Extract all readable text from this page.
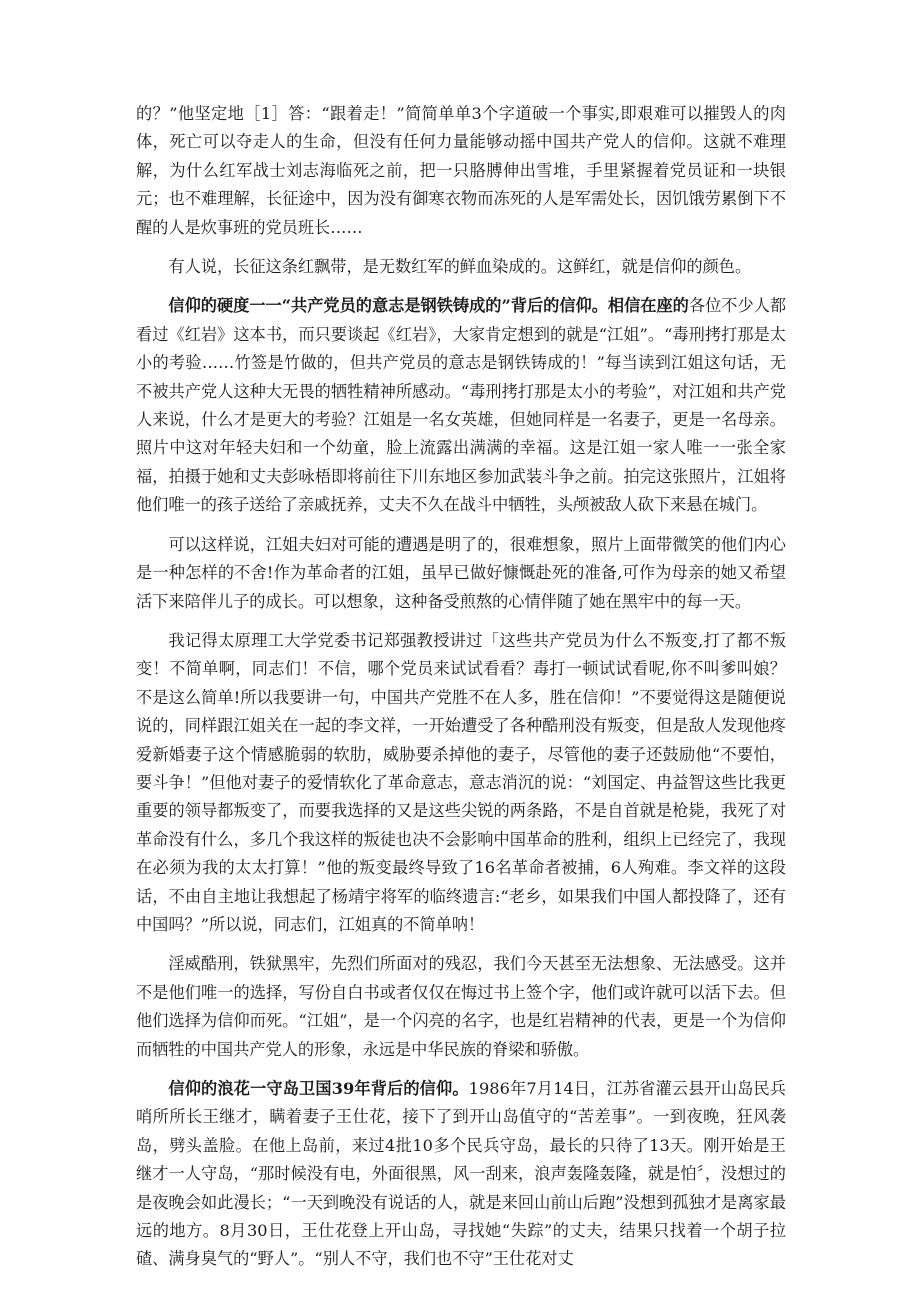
的？”他坚定地［1］答：“跟着走！”简简单单3个字道破一个事实,即艰难可以摧毁人的肉体，死亡可以夺走人的生命，但没有任何力量能够动摇中国共产党人的信仰。这就不难理解，为什么红军战士刘志海临死之前，把一只胳膊伸出雪堆，手里紧握着党员证和一块银元；也不难理解，长征途中，因为没有御寒衣物而冻死的人是军需处长，因饥饿劳累倒下不醒的人是炊事班的党员班长……

有人说，长征这条红飘带，是无数红军的鲜血染成的。这鲜红，就是信仰的颜色。

信仰的硬度一一“共产党员的意志是钢铁铸成的”背后的信仰。相信在座的各位不少人都看过《红岩》这本书，而只要谈起《红岩》，大家肯定想到的就是“江姐”。“毒刑拷打那是太小的考验……竹签是竹做的，但共产党员的意志是钢铁铸成的！”每当读到江姐这句话，无不被共产党人这种大无畏的牺牲精神所感动。“毒刑拷打那是太小的考验”，对江姐和共产党人来说，什么才是更大的考验？江姐是一名女英雄，但她同样是一名妻子，更是一名母亲。照片中这对年轻夫妇和一个幼童，脸上流露出满满的幸福。这是江姐一家人唯一一张全家福，拍摄于她和丈夫彭咏梧即将前往下川东地区参加武装斗争之前。拍完这张照片，江姐将他们唯一的孩子送给了亲戚抚养，丈夫不久在战斗中牺牲，头颅被敌人砍下来悬在城门。

可以这样说，江姐夫妇对可能的遭遇是明了的，很难想象，照片上面带微笑的他们内心是一种怎样的不舍!作为革命者的江姐，虽早已做好慷慨赴死的准备,可作为母亲的她又希望活下来陪伴儿子的成长。可以想象，这种备受煎熬的心情伴随了她在黑牢中的每一天。

我记得太原理工大学党委书记郑强教授讲过「这些共产党员为什么不叛变,打了都不叛变！不简单啊，同志们！不信，哪个党员来试试看看？毒打一顿试试看呢,你不叫爹叫娘？不是这么简单!所以我要讲一句，中国共产党胜不在人多，胜在信仰！”不要觉得这是随便说说的，同样跟江姐关在一起的李文祥，一开始遭受了各种酷刑没有叛变，但是敌人发现他疼爱新婚妻子这个情感脆弱的软肋，威胁要杀掉他的妻子，尽管他的妻子还鼓励他“不要怕，要斗争！”但他对妻子的爱情软化了革命意志，意志消沉的说：“刘国定、冉益智这些比我更重要的领导都叛变了，而要我选择的又是这些尖锐的两条路，不是自首就是枪毙，我死了对革命没有什么，多几个我这样的叛徒也决不会影响中国革命的胜利，组织上已经完了，我现在必须为我的太太打算！”他的叛变最终导致了16名革命者被捕，6人殉难。李文祥的这段话，不由自主地让我想起了杨靖宇将军的临终遗言:“老乡，如果我们中国人都投降了，还有中国吗？”所以说，同志们，江姐真的不简单呐！

淫威酷刑，铁狱黑牢，先烈们所面对的残忍，我们今天甚至无法想象、无法感受。这并不是他们唯一的选择，写份自白书或者仅仅在悔过书上签个字，他们或许就可以活下去。但他们选择为信仰而死。“江姐”，是一个闪亮的名字，也是红岩精神的代表，更是一个为信仰而牺牲的中国共产党人的形象，永远是中华民族的脊梁和骄傲。

信仰的浪花一守岛卫国39年背后的信仰。1986年7月14日，江苏省灌云县开山岛民兵哨所所长王继才，瞒着妻子王仕花，接下了到开山岛值守的“苦差事”。一到夜晚，狂风袭岛，劈头盖脸。在他上岛前，来过4批10多个民兵守岛，最长的只待了13天。刚开始是王继才一人守岛，“那时候没有电，外面很黑，风一刮来，浪声轰隆轰隆，就是怕〞，没想过的是夜晚会如此漫长；“一天到晚没有说话的人，就是来回山前山后跑”没想到孤独才是离家最远的地方。8月30日，王仕花登上开山岛，寻找她“失踪”的丈夫，结果只找着一个胡子拉碴、满身臭气的“野人”。“别人不守，我们也不守”王仕花对丈
